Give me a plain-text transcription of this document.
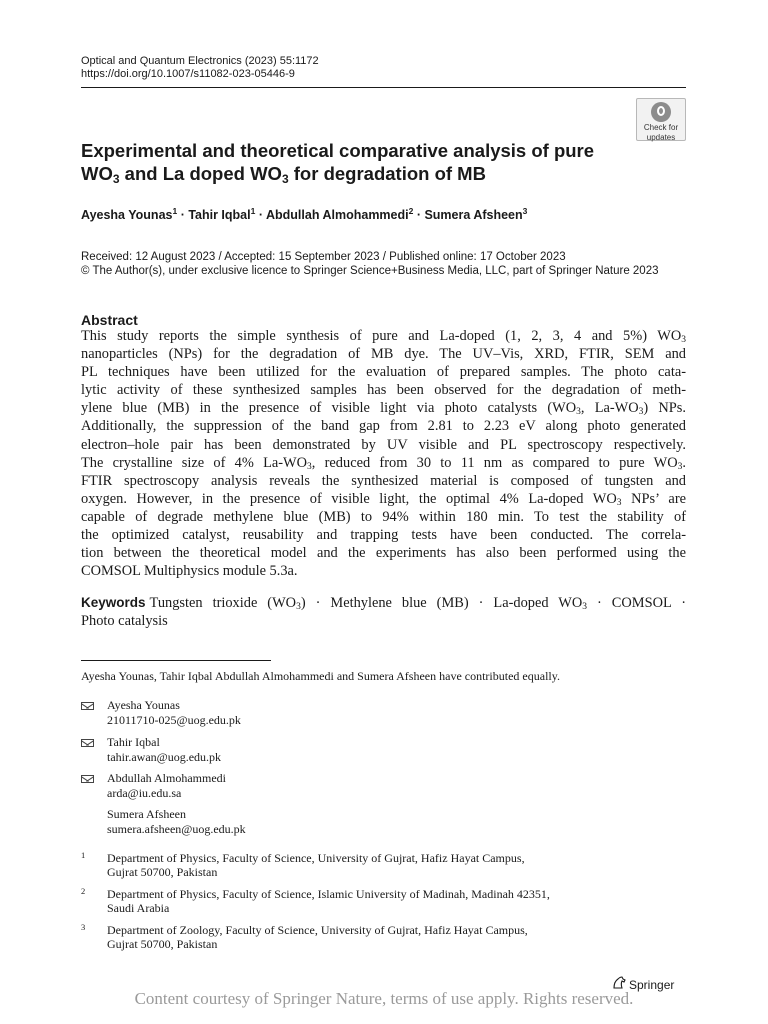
Optical and Quantum Electronics (2023) 55:1172
https://doi.org/10.1007/s11082-023-05446-9
Check for
updates
Experimental and theoretical comparative analysis of pure
$WO_3$ and La doped $WO_3$ for degradation of MB
Ayesha Younas$^1$ · Tahir Iqbal$^1$ · Abdullah Almohammedi$^2$ · Sumera Afsheen$^3$
Received: 12 August 2023 / Accepted: 15 September 2023 / Published online: 17 October 2023
© The Author(s), under exclusive licence to Springer Science+Business Media, LLC, part of Springer Nature 2023
Abstract
This study reports the simple synthesis of pure and La-doped (1, 2, 3, 4 and 5%) $WO_3$
nanoparticles (NPs) for the degradation of MB dye. The UV–Vis, XRD, FTIR, SEM and
PL techniques have been utilized for the evaluation of prepared samples. The photo cata-
lytic activity of these synthesized samples has been observed for the degradation of meth-
ylene blue (MB) in the presence of visible light via photo catalysts ($WO_3$, $La-WO_3$) NPs.
Additionally, the suppression of the band gap from 2.81 to 2.23 eV along photo generated
electron–hole pair has been demonstrated by UV visible and PL spectroscopy respectively.
The crystalline size of 4% $La-WO_3$, reduced from 30 to 11 nm as compared to pure $WO_3$.
FTIR spectroscopy analysis reveals the synthesized material is composed of tungsten and
oxygen. However, in the presence of visible light, the optimal 4% La-doped $WO_3$ NPs’ are
capable of degrade methylene blue (MB) to 94% within 180 min. To test the stability of
the optimized catalyst, reusability and trapping tests have been conducted. The correla-
tion between the theoretical model and the experiments has also been performed using the
COMSOL Multiphysics module 5.3a.
Keywords Tungsten trioxide $(WO_3)$ · Methylene blue (MB) · La-doped $WO_3$ · COMSOL ·
Photo catalysis
Ayesha Younas, Tahir Iqbal Abdullah Almohammedi and Sumera Afsheen have contributed equally.
Ayesha Younas
21011710-025@uog.edu.pk
Tahir Iqbal
tahir.awan@uog.edu.pk
Abdullah Almohammedi
arda@iu.edu.sa
Sumera Afsheen
sumera.afsheen@uog.edu.pk
1 Department of Physics, Faculty of Science, University of Gujrat, Hafiz Hayat Campus,
Gujrat 50700, Pakistan
2 Department of Physics, Faculty of Science, Islamic University of Madinah, Madinah 42351,
Saudi Arabia
3 Department of Zoology, Faculty of Science, University of Gujrat, Hafiz Hayat Campus,
Gujrat 50700, Pakistan
Springer
Content courtesy of Springer Nature, terms of use apply. Rights reserved.
